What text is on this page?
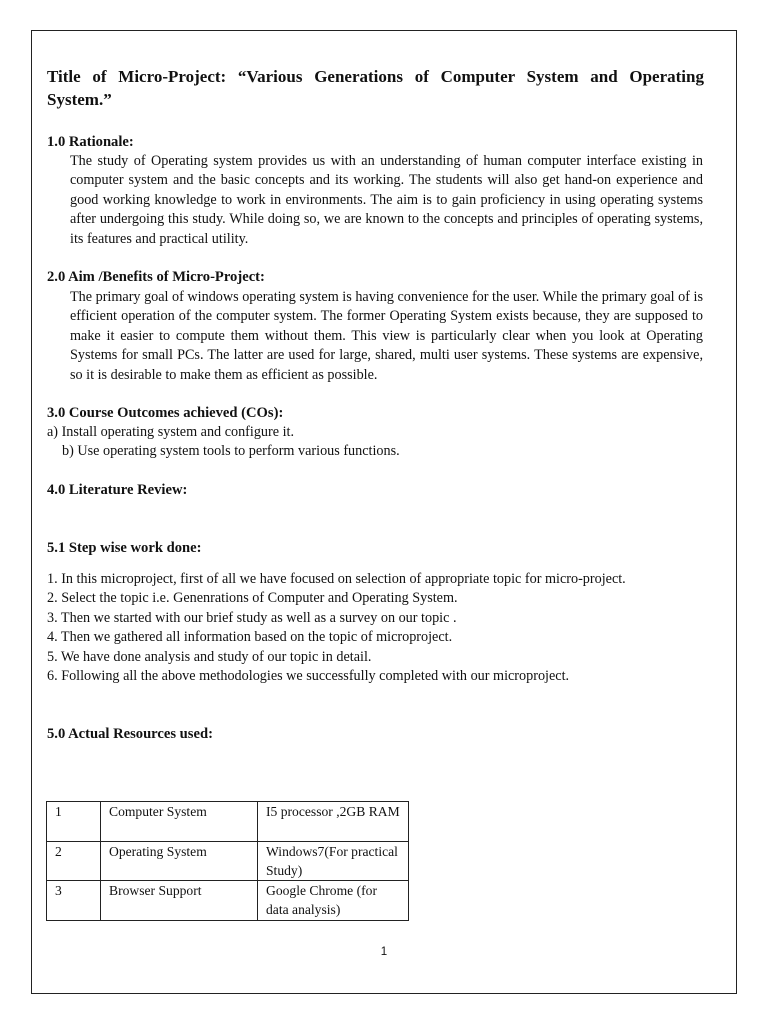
Title of Micro-Project: “Various Generations of Computer System and Operating System.”
1.0 Rationale:

The study of Operating system provides us with an understanding of human computer interface existing in computer system and the basic concepts and its working. The students will also get hand-on experience and good working knowledge to work in environments. The aim is to gain proficiency in using operating systems after undergoing this study. While doing so, we are known to the concepts and principles of operating systems, its features and practical utility.

2.0 Aim /Benefits of Micro-Project:

The primary goal of windows operating system is having convenience for the user. While the primary goal of is efficient operation of the computer system. The former Operating System exists because, they are supposed to make it easier to compute them without them. This view is particularly clear when you look at Operating Systems for small PCs. The latter are used for large, shared, multi user systems. These systems are expensive, so it is desirable to make them as efficient as possible.

3.0 Course Outcomes achieved (COs):
a) Install operating system and configure it.
b) Use operating system tools to perform various functions.
4.0 Literature Review:
5.1 Step wise work done:
1. In this microproject, first of all we have focused on selection of appropriate topic for micro-project.
2. Select the topic i.e. Genenrations of Computer and Operating System.
3. Then we started with our brief study as well as a survey on our topic .
4. Then we gathered all information based on the topic of microproject.
5. We have done analysis and study of our topic in detail.
6. Following all the above methodologies we successfully completed with our microproject.
5.0 Actual Resources used:
1	Computer System	I5 processor ,2GB RAM
2	Operating System	Windows7(For practical Study)
3	Browser Support	Google Chrome (for data analysis)
1
